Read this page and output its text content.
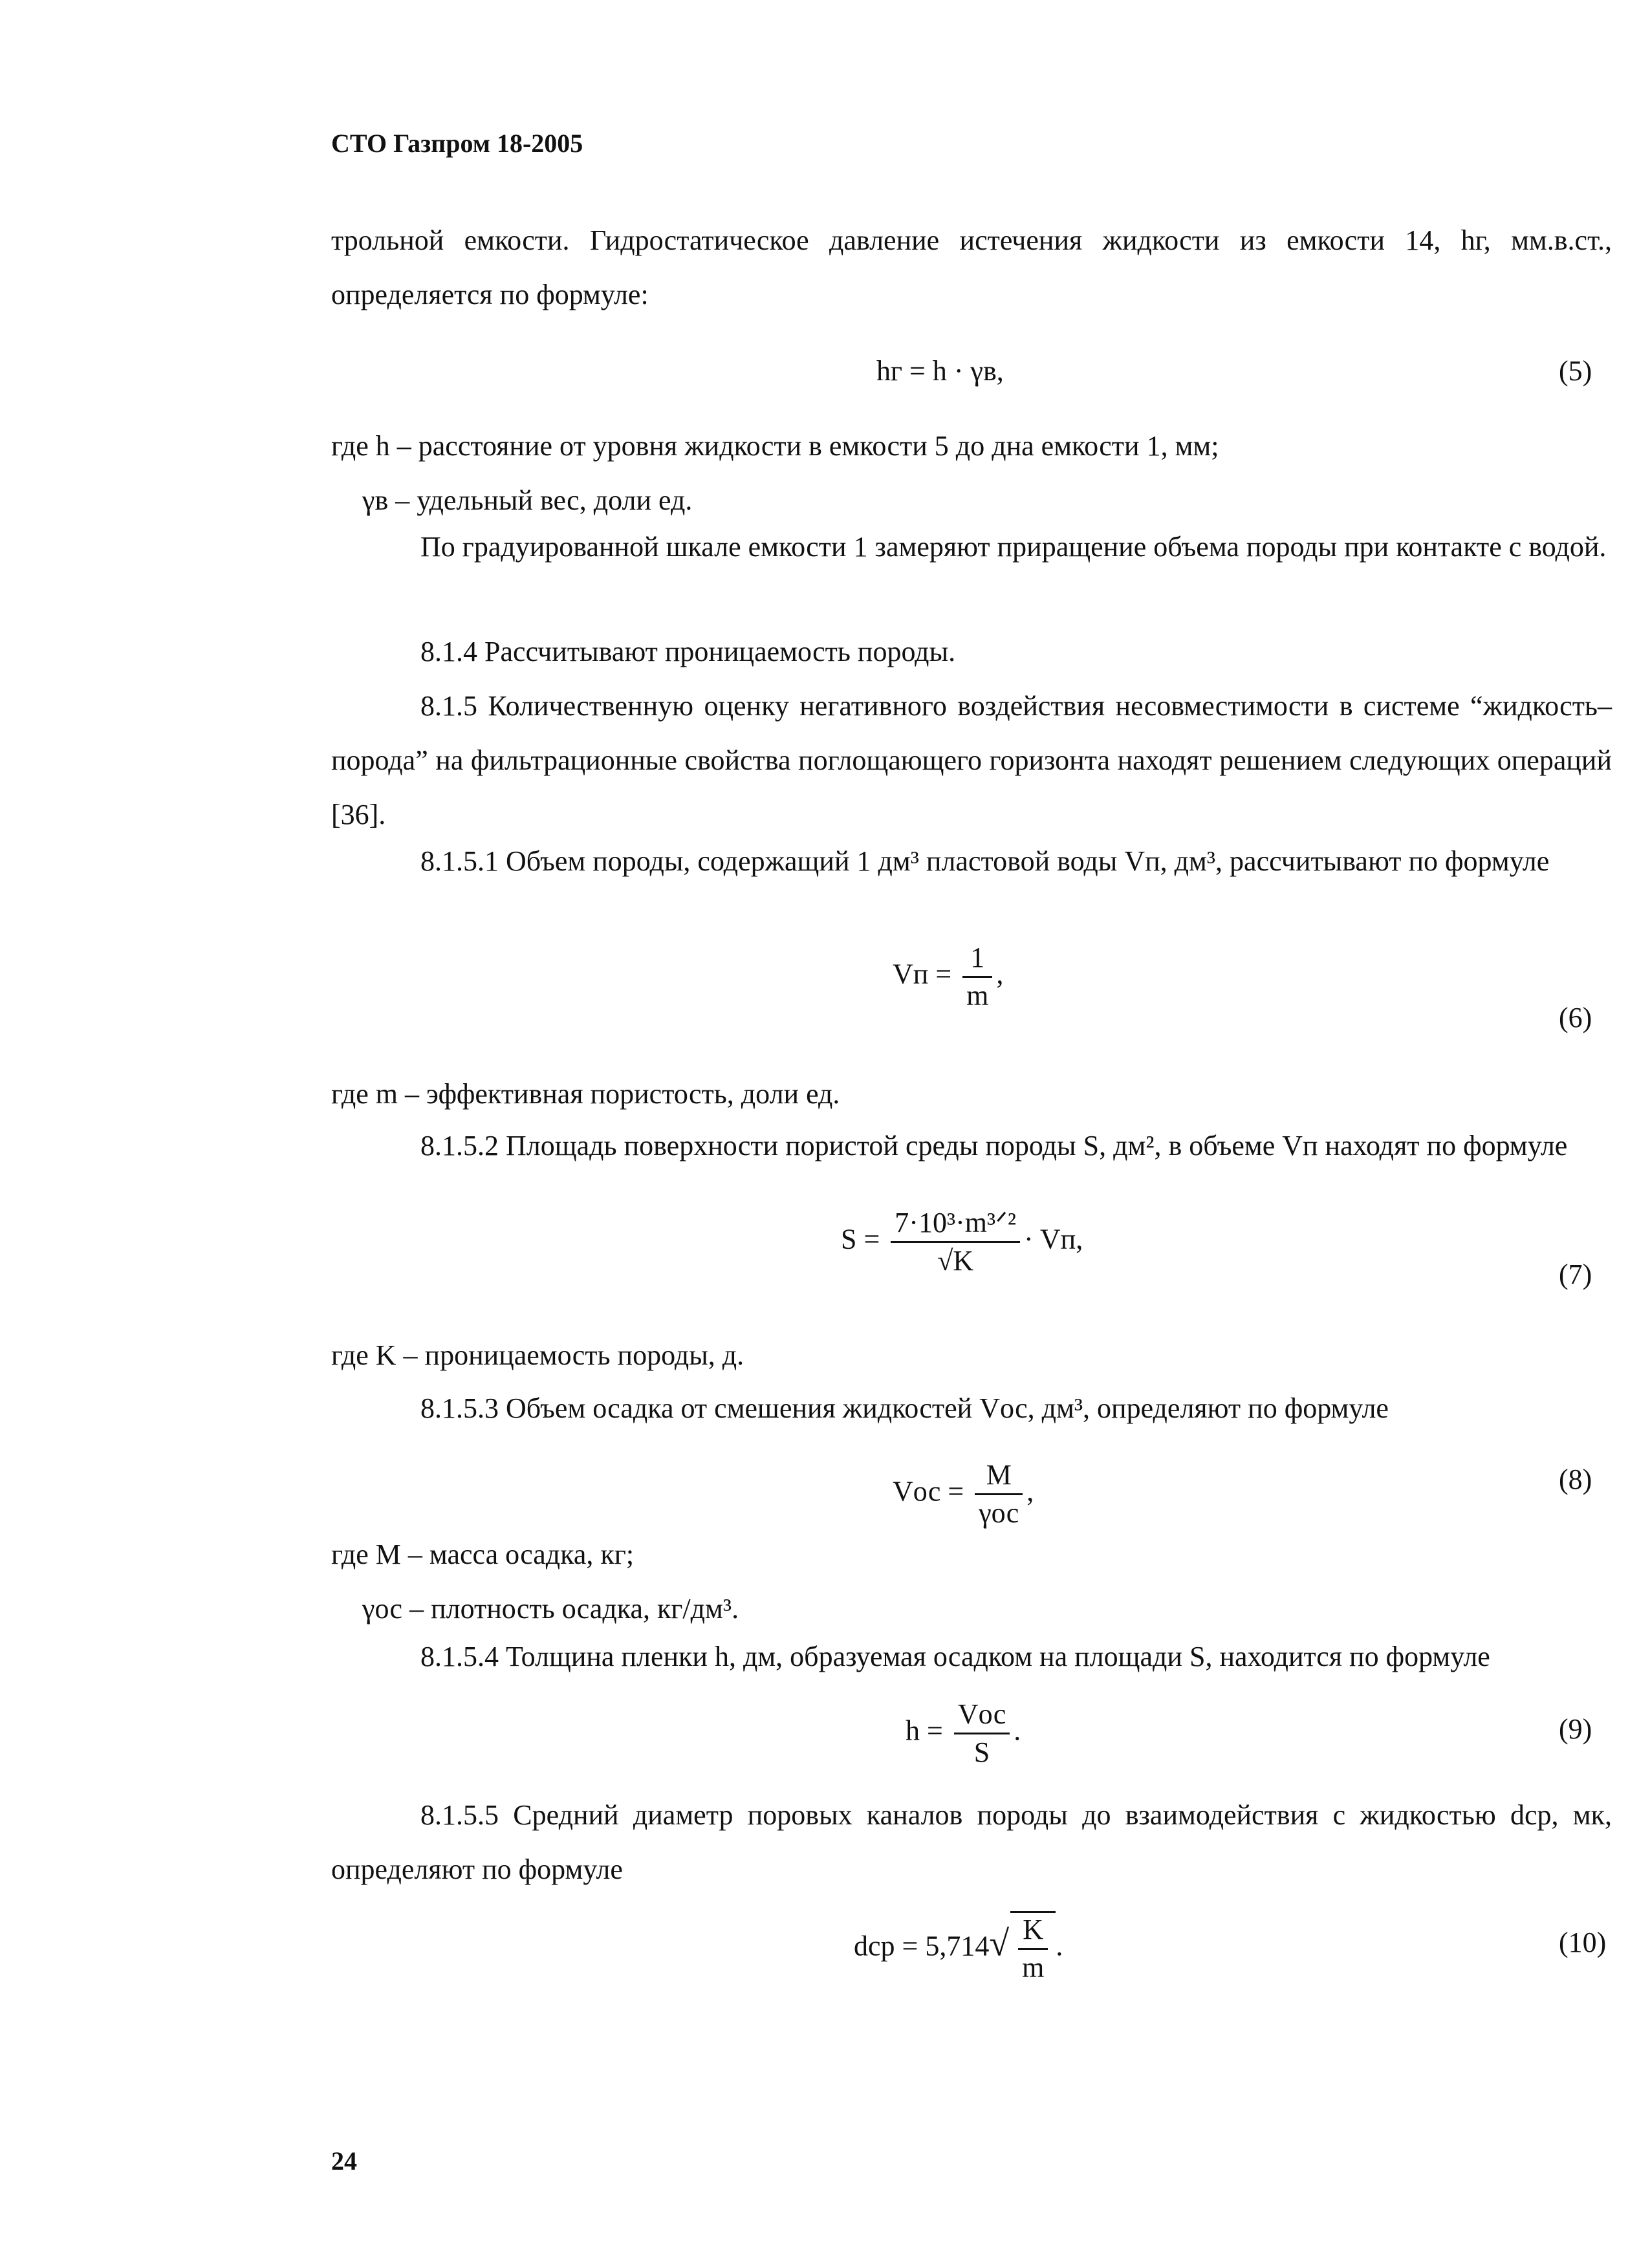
СТО Газпром 18-2005

трольной емкости. Гидростатическое давление истечения жидкости из емкости 14, hг, мм.в.ст., определяется по формуле:

hг = h · γв,	(5)

где h – расстояние от уровня жидкости в емкости 5 до дна емкости 1, мм;

γв – удельный вес, доли ед.

По градуированной шкале емкости 1 замеряют приращение объема породы при контакте с водой.

8.1.4 Рассчитывают проницаемость породы.

8.1.5 Количественную оценку негативного воздействия несовместимости в системе “жидкость–порода” на фильтрационные свойства поглощающего горизонта находят решением следующих операций [36].

8.1.5.1 Объем породы, содержащий 1 дм³ пластовой воды Vп, дм³, рассчитывают по формуле

Vп = $\frac{1}{m}$ ,
(6)

где m – эффективная пористость, доли ед.

8.1.5.2 Площадь поверхности пористой среды породы S, дм², в объеме Vп находят по формуле

$S = \frac{\text{7·10³·m³ᐟ²}}{√K}$ · Vп,
(7)

где K – проницаемость породы, д.

8.1.5.3 Объем осадка от смешения жидкостей Vос, дм³, определяют по формуле

Vос = $\frac{M}{\text{γос}}$ ,	(8)

где M – масса осадка, кг;

γос – плотность осадка, кг/дм³.

8.1.5.4 Толщина пленки h, дм, образуемая осадком на площади S, находится по формуле

$h = \frac{\text{Vос}}{S}$ .	(9)

8.1.5.5 Средний диаметр поровых каналов породы до взаимодействия с жидкостью dср, мк, определяют по формуле

dср = $5,714√ \frac{K}{m}$ .	(10)
24
